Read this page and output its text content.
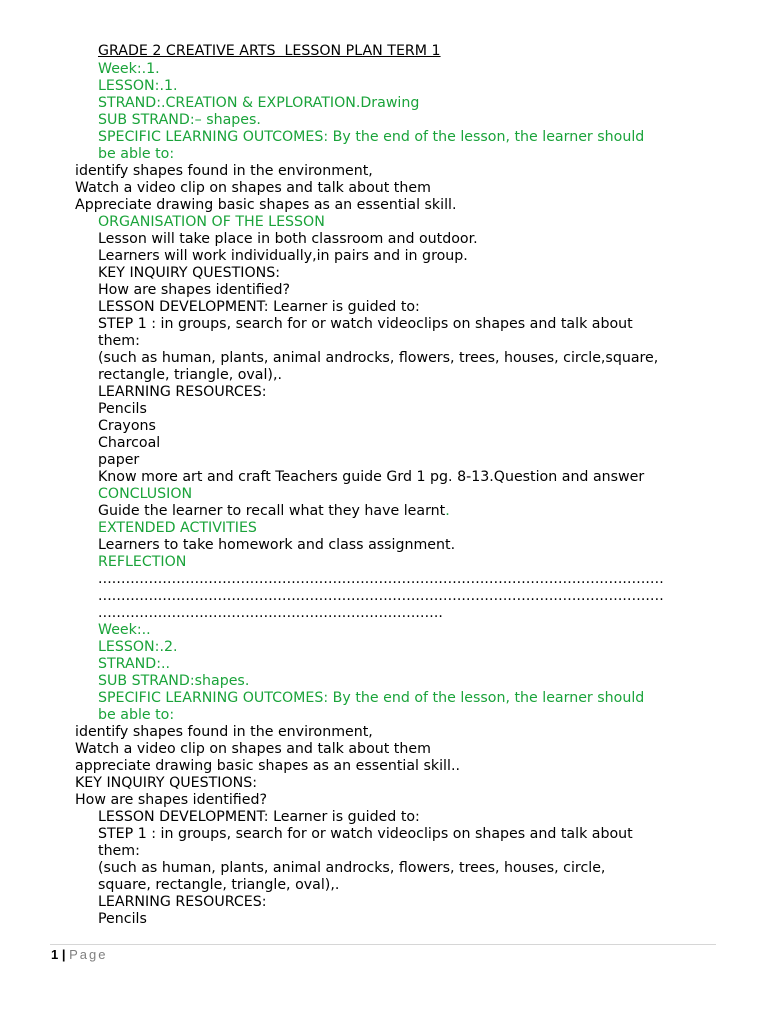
GRADE 2 CREATIVE ARTS  LESSON PLAN TERM 1
Week:.1.
LESSON:.1.
STRAND:.CREATION & EXPLORATION.Drawing
SUB STRAND:– shapes.
SPECIFIC LEARNING OUTCOMES: By the end of the lesson, the learner should
be able to:
identify shapes found in the environment,
Watch a video clip on shapes and talk about them
Appreciate drawing basic shapes as an essential skill.
ORGANISATION OF THE LESSON
Lesson will take place in both classroom and outdoor.
Learners will work individually,in pairs and in group.
KEY INQUIRY QUESTIONS:
How are shapes identified?
LESSON DEVELOPMENT: Learner is guided to:
STEP 1 : in groups, search for or watch videoclips on shapes and talk about
them:
(such as human, plants, animal androcks, flowers, trees, houses, circle,square,
rectangle, triangle, oval),.
LEARNING RESOURCES:
Pencils
Crayons
Charcoal
paper
Know more art and craft Teachers guide Grd 1 pg. 8-13.Question and answer
CONCLUSION
Guide the learner to recall what they have learnt.
EXTENDED ACTIVITIES
Learners to take homework and class assignment.
REFLECTION
...........................................................................................................................
...........................................................................................................................
...........................................................................
Week:..
LESSON:.2.
STRAND:..
SUB STRAND:shapes.
SPECIFIC LEARNING OUTCOMES: By the end of the lesson, the learner should
be able to:
identify shapes found in the environment,
Watch a video clip on shapes and talk about them
appreciate drawing basic shapes as an essential skill..
KEY INQUIRY QUESTIONS:
How are shapes identified?
LESSON DEVELOPMENT: Learner is guided to:
STEP 1 : in groups, search for or watch videoclips on shapes and talk about
them:
(such as human, plants, animal androcks, flowers, trees, houses, circle,
square, rectangle, triangle, oval),.
LEARNING RESOURCES:
Pencils
1 | Page
